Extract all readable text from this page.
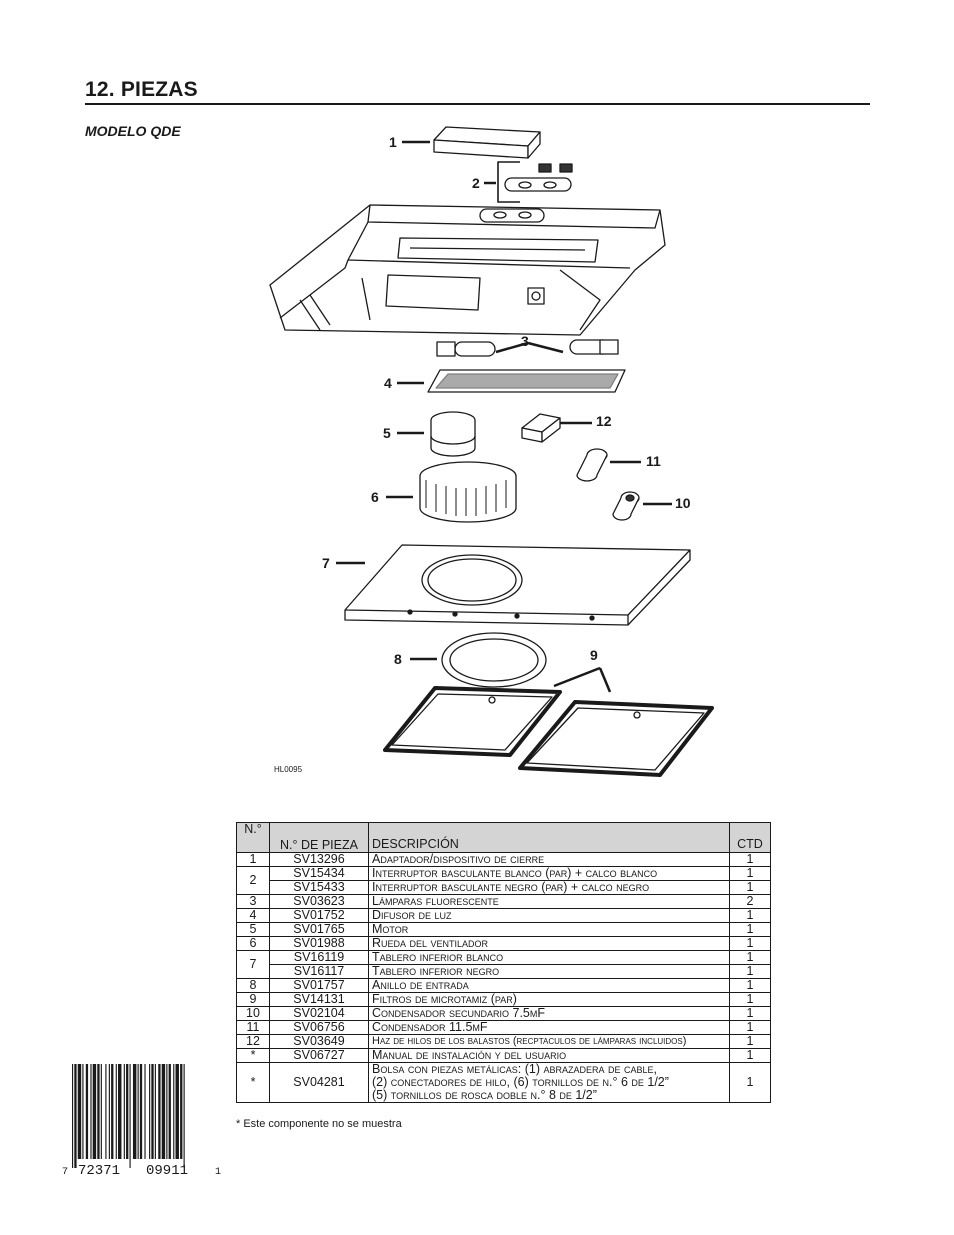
12. PIEZAS
MODELO QDE
1
2
3
4
5
6
7
8	9
10
11
12
HL0095
N.°	N.° DE PIEZA	DESCRIPCIÓN	CTD
1	SV13296	Adaptador/dispositivo de cierre	1
2	SV15434	Interruptor basculante blanco (par) + calco blanco	1
	SV15433	Interruptor basculante negro (par) + calco negro	1
3	SV03623	Lámparas fluorescente	2
4	SV01752	Difusor de luz	1
5	SV01765	Motor	1
6	SV01988	Rueda del ventilador	1
7	SV16119	Tablero inferior blanco	1
	SV16117	Tablero inferior negro	1
8	SV01757	Anillo de entrada	1
9	SV14131	Filtros de microtamiz (par)	1
10	SV02104	Condensador secundario 7.5µF	1
11	SV06756	Condensador 11.5µF	1
12	SV03649	Haz de hilos de los balastos (recptaculos de lámparas incluidos)	1
*	SV06727	Manual de instalación y del usuario	1
*	SV04281	Bolsa con piezas metálicas: (1) abrazadera de cable,
(2) conectadores de hilo, (6) tornillos de n.° 6 de 1/2”
(5) tornillos de rosca doble n.° 8 de 1/2”	1
* Este componente no se muestra
7 72371 09911	1
